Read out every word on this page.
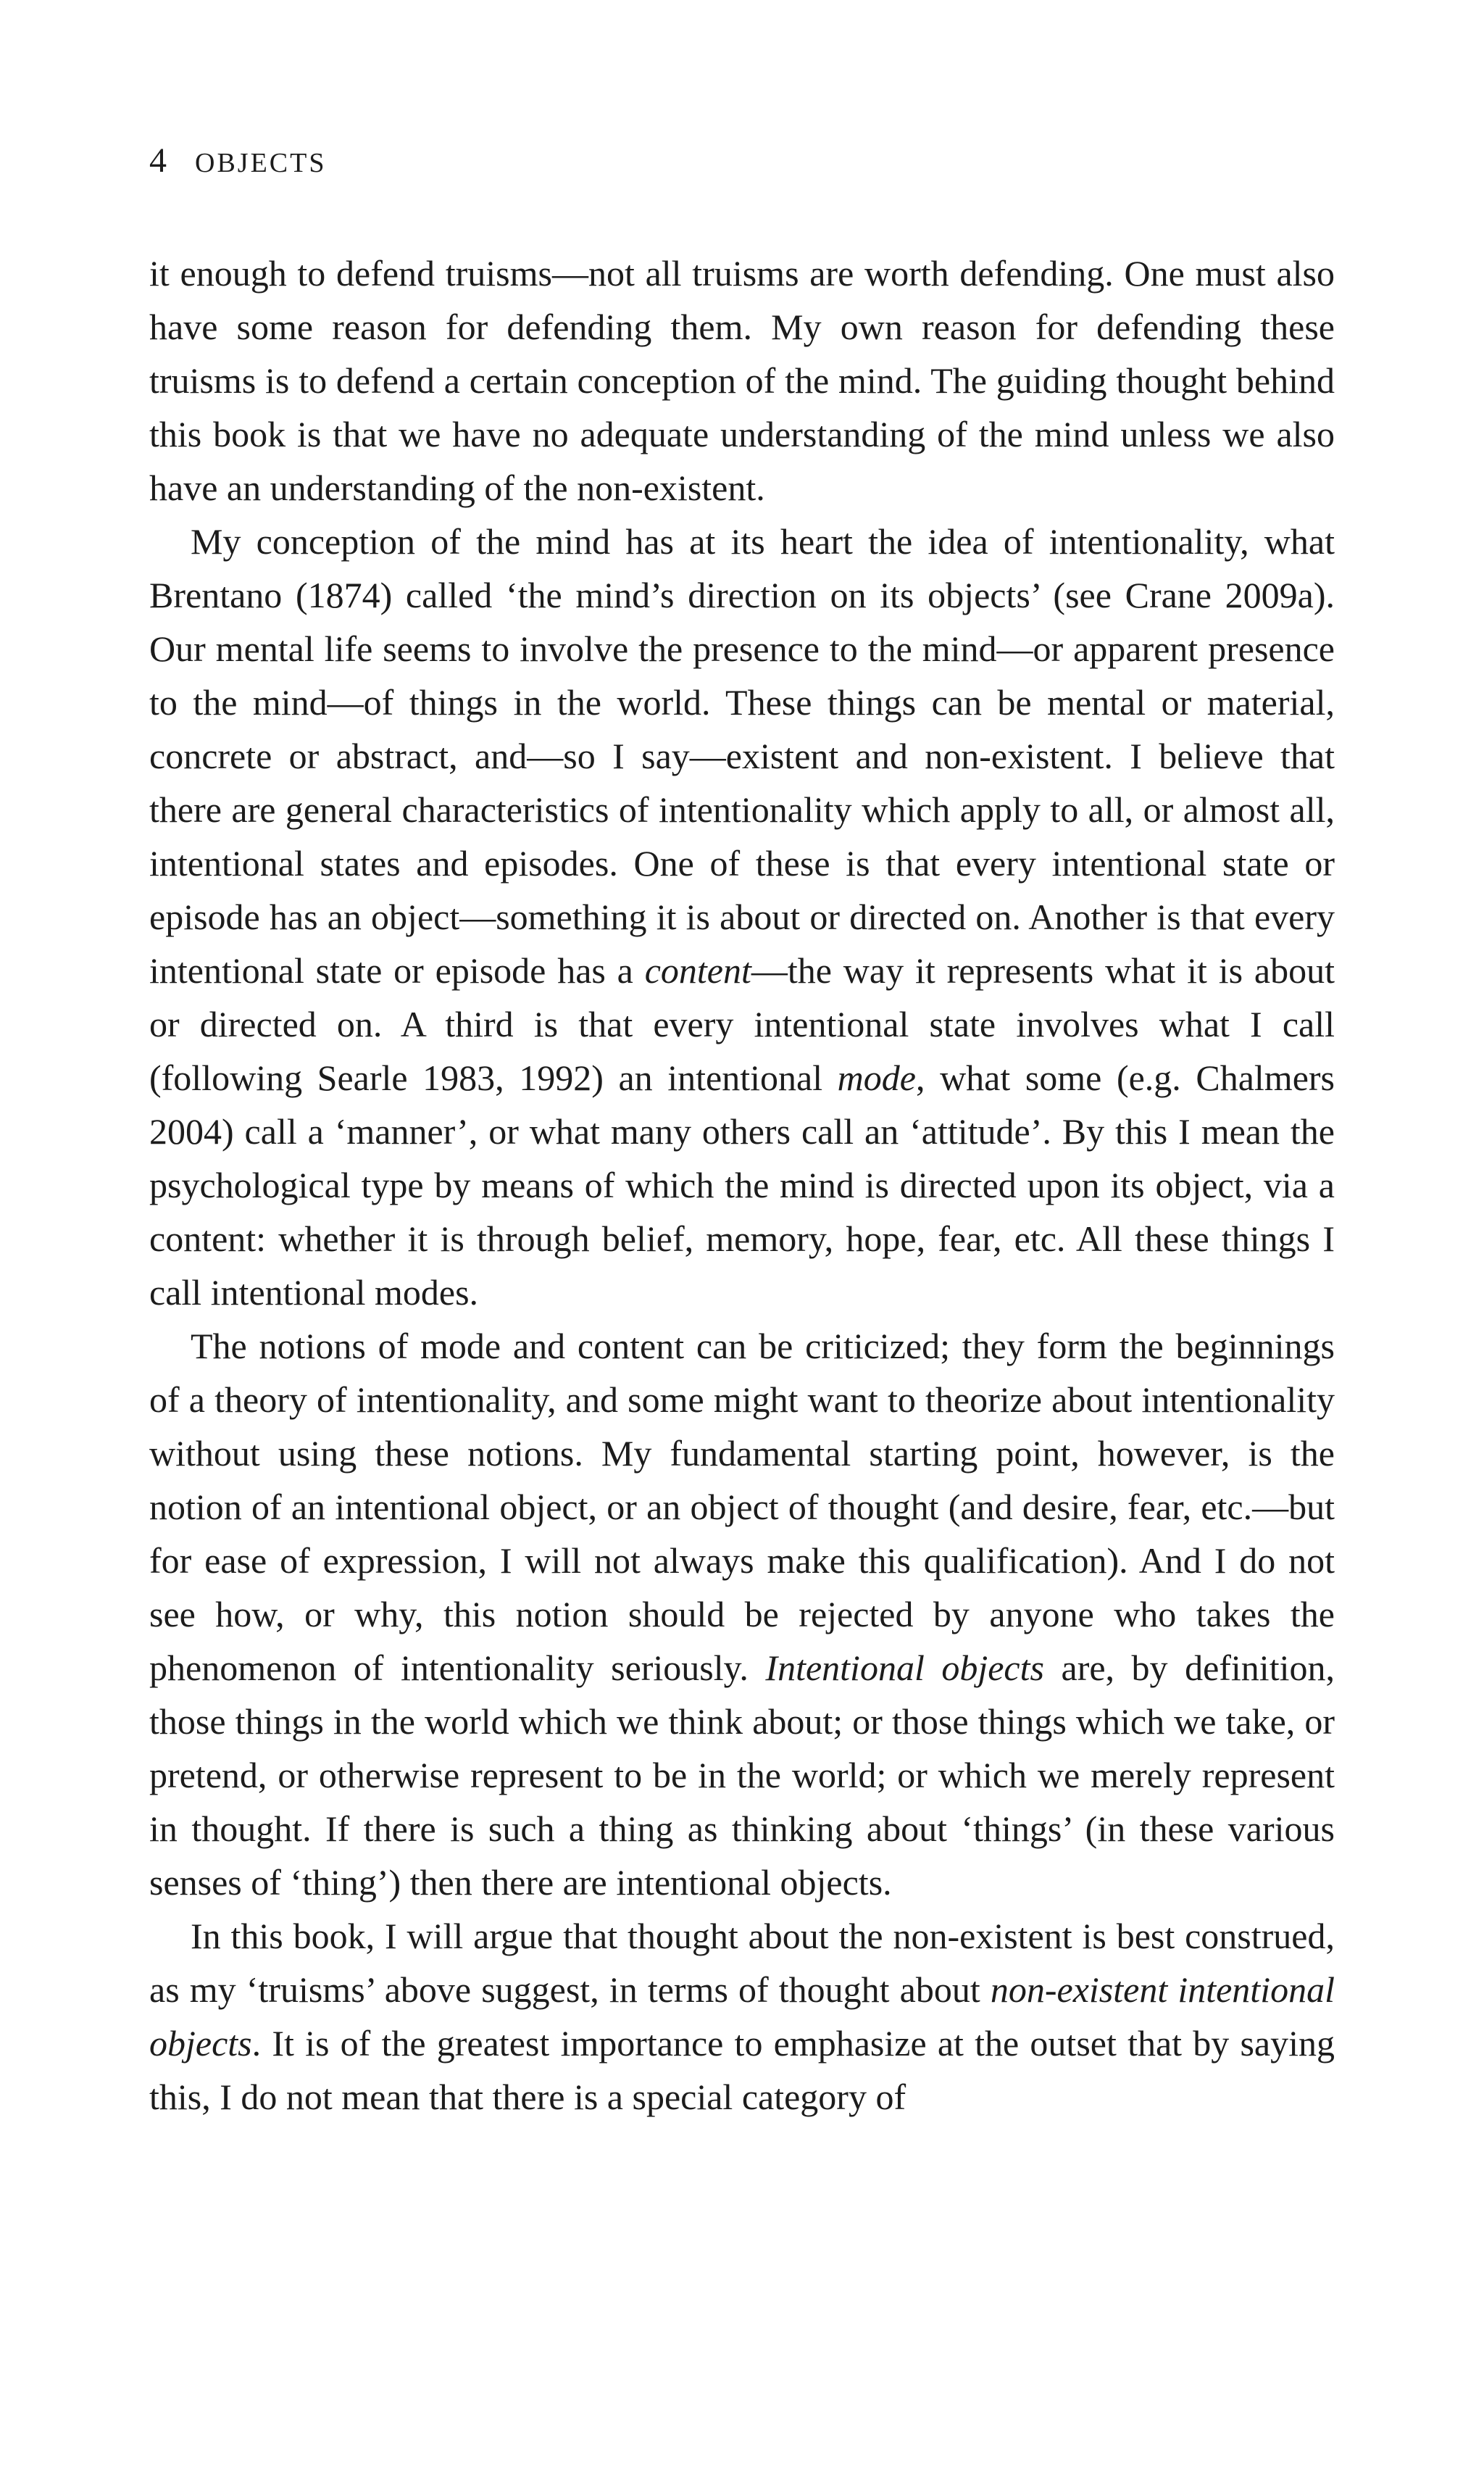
4 OBJECTS

it enough to defend truisms—not all truisms are worth defending. One must also have some reason for defending them. My own reason for defending these truisms is to defend a certain conception of the mind. The guiding thought behind this book is that we have no adequate understanding of the mind unless we also have an understanding of the non-existent.

My conception of the mind has at its heart the idea of intentionality, what Brentano (1874) called ‘the mind’s direction on its objects’ (see Crane 2009a). Our mental life seems to involve the presence to the mind—or apparent presence to the mind—of things in the world. These things can be mental or material, concrete or abstract, and—so I say—existent and non-existent. I believe that there are general characteristics of intentionality which apply to all, or almost all, intentional states and episodes. One of these is that every intentional state or episode has an object—something it is about or directed on. Another is that every intentional state or episode has a content—the way it represents what it is about or directed on. A third is that every intentional state involves what I call (following Searle 1983, 1992) an intentional mode, what some (e.g. Chalmers 2004) call a ‘manner’, or what many others call an ‘attitude’. By this I mean the psychological type by means of which the mind is directed upon its object, via a content: whether it is through belief, memory, hope, fear, etc. All these things I call intentional modes.

The notions of mode and content can be criticized; they form the beginnings of a theory of intentionality, and some might want to theorize about intentionality without using these notions. My fundamental starting point, however, is the notion of an intentional object, or an object of thought (and desire, fear, etc.—but for ease of expression, I will not always make this qualification). And I do not see how, or why, this notion should be rejected by anyone who takes the phenomenon of intentionality seriously. Intentional objects are, by definition, those things in the world which we think about; or those things which we take, or pretend, or otherwise represent to be in the world; or which we merely represent in thought. If there is such a thing as thinking about ‘things’ (in these various senses of ‘thing’) then there are intentional objects.

In this book, I will argue that thought about the non-existent is best construed, as my ‘truisms’ above suggest, in terms of thought about non-existent intentional objects. It is of the greatest importance to emphasize at the outset that by saying this, I do not mean that there is a special category of
